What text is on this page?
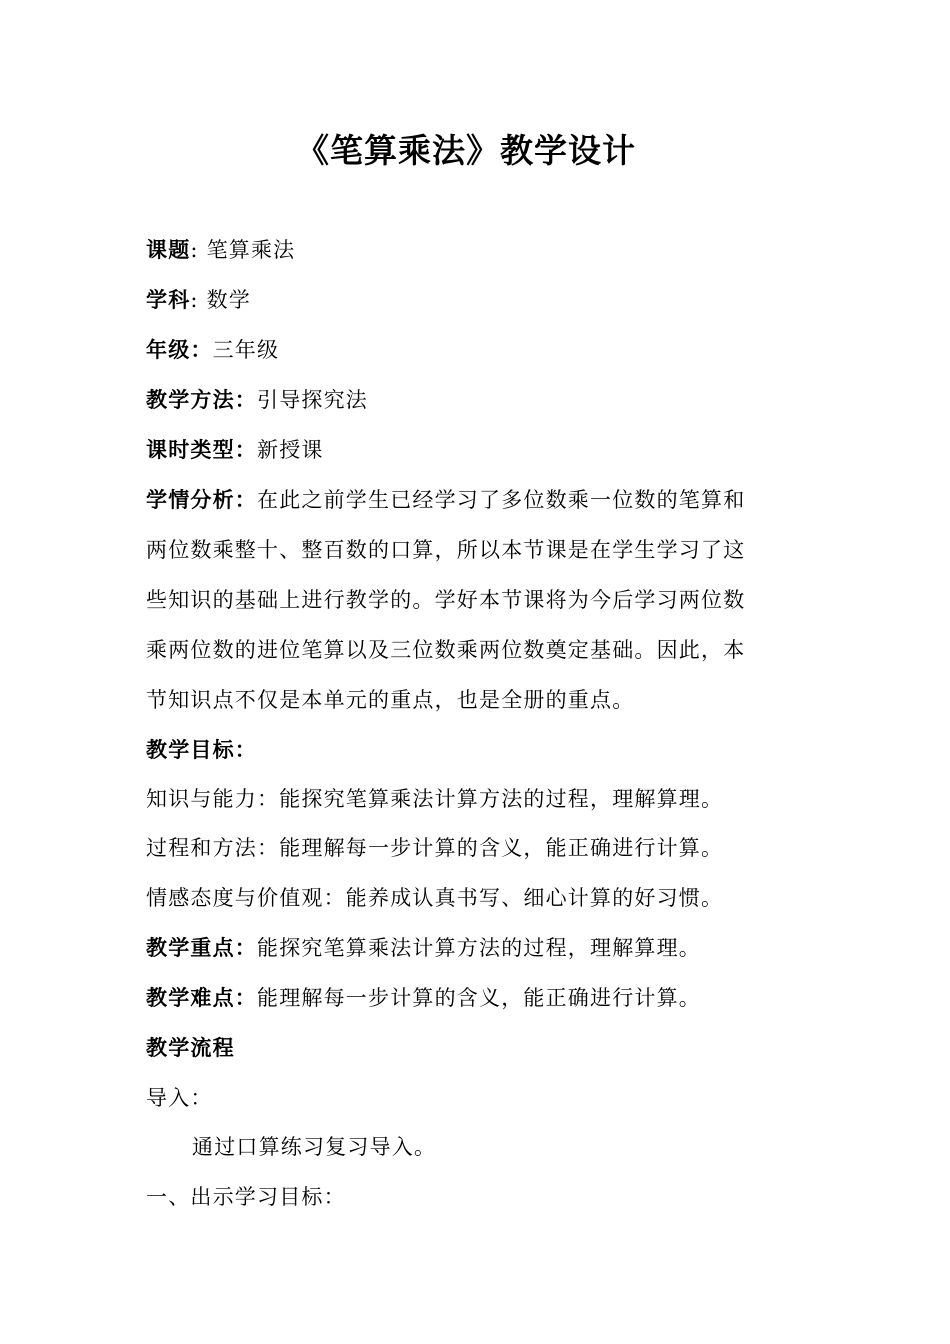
《笔算乘法》教学设计
课题: 笔算乘法
学科: 数学
年级：三年级
教学方法：引导探究法
课时类型：新授课
学情分析：在此之前学生已经学习了多位数乘一位数的笔算和
两位数乘整十、整百数的口算，所以本节课是在学生学习了这
些知识的基础上进行教学的。学好本节课将为今后学习两位数
乘两位数的进位笔算以及三位数乘两位数奠定基础。因此，本
节知识点不仅是本单元的重点，也是全册的重点。
教学目标：
知识与能力：能探究笔算乘法计算方法的过程，理解算理。
过程和方法：能理解每一步计算的含义，能正确进行计算。
情感态度与价值观：能养成认真书写、细心计算的好习惯。
教学重点：能探究笔算乘法计算方法的过程，理解算理。
教学难点：能理解每一步计算的含义，能正确进行计算。
教学流程
导入：
通过口算练习复习导入。
一、出示学习目标：
